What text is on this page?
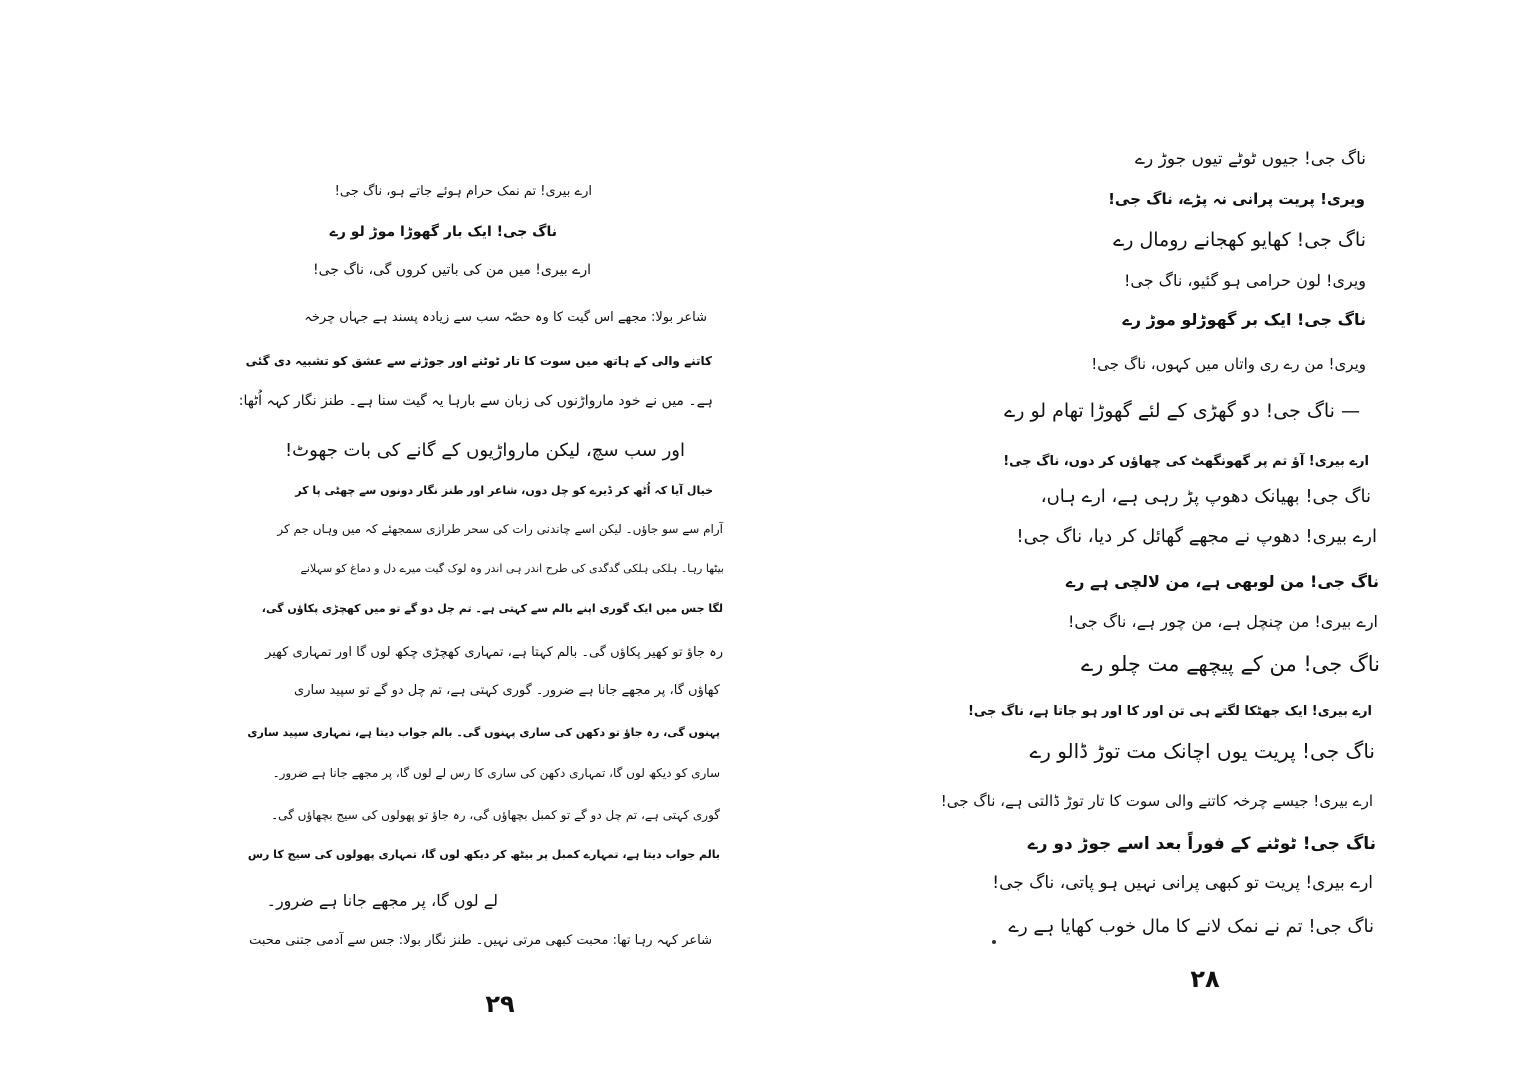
ارے بیری! تم نمک حرام ہوئے جاتے ہو، ناگ جی!
ناگ جی! ایک بار گھوڑا موڑ لو رے
ارے بیری! میں من کی باتیں کروں گی، ناگ جی!
شاعر بولا: مجھے اس گیت کا وہ حصّہ سب سے زیادہ پسند ہے جہاں چرخہ
کاتنے والی کے ہاتھ میں سوت کا تار ٹوٹنے اور جوڑنے سے عشق کو تشبیہ دی گئی
ہے۔ میں نے خود مارواڑنوں کی زبان سے بارہا یہ گیت سنا ہے۔ طنز نگار کہہ اُٹھا:
اور سب سچ، لیکن مارواڑیوں کے گانے کی بات جھوٹ!
خیال آیا کہ اُٹھ کر ڈیرے کو چل دوں، شاعر اور طنز نگار دونوں سے چھٹی پا کر
آرام سے سو جاؤں۔ لیکن اسے چاندنی رات کی سحر طرازی سمجھئے کہ میں وہاں جم کر
بیٹھا رہا۔ ہلکی ہلکی گدگدی کی طرح اندر ہی اندر وہ لوک گیت میرے دل و دماغ کو سہلانے
لگا جس میں ایک گوری اپنے بالم سے کہتی ہے۔ تم چل دو گے تو میں کھچڑی پکاؤں گی،
رہ جاؤ تو کھیر پکاؤں گی۔ بالم کہتا ہے، تمہاری کھچڑی چکھ لوں گا اور تمہاری کھیر
کھاؤں گا، پر مجھے جانا ہے ضرور۔ گوری کہتی ہے، تم چل دو گے تو سپید ساری
پہنوں گی، رہ جاؤ تو دکھن کی ساری پہنوں گی۔ بالم جواب دیتا ہے، تمہاری سپید ساری
ساری کو دیکھ لوں گا، تمہاری دکھن کی ساری کا رس لے لوں گا، پر مجھے جانا ہے ضرور۔
گوری کہتی ہے، تم چل دو گے تو کمبل بچھاؤں گی، رہ جاؤ تو پھولوں کی سیج بچھاؤں گی۔
بالم جواب دیتا ہے، تمہارے کمبل پر بیٹھ کر دیکھ لوں گا، تمہاری پھولوں کی سیج کا رس
لے لوں گا، پر مجھے جانا ہے ضرور۔
شاعر کہہ رہا تھا: محبت کبھی مرتی نہیں۔ طنز نگار بولا: جس سے آدمی جتنی محبت
۲۹
ناگ جی! جیوں ٹوٹے تیوں جوڑ رے
ویری! پریت پرانی نہ پڑے، ناگ جی!
ناگ جی! کھایو کھجانے رومال رے
ویری! لون حرامی ہو گئیو، ناگ جی!
ناگ جی! ایک بر گھوڑلو موڑ رے
ویری! من رے ری واتاں میں کہوں، ناگ جی!
— ناگ جی! دو گھڑی کے لئے گھوڑا تھام لو رے
ارے بیری! آؤ تم پر گھونگھٹ کی چھاؤں کر دوں، ناگ جی!
ناگ جی! بھیانک دھوپ پڑ رہی ہے، ارے ہاں،
ارے بیری! دھوپ نے مجھے گھائل کر دیا، ناگ جی!
ناگ جی! من لوبھی ہے، من لالچی ہے رے
ارے بیری! من چنچل ہے، من چور ہے، ناگ جی!
ناگ جی! من کے پیچھے مت چلو رے
ارے بیری! ایک جھٹکا لگتے ہی تن اور کا اور ہو جاتا ہے، ناگ جی!
ناگ جی! پریت یوں اچانک مت توڑ ڈالو رے
ارے بیری! جیسے چرخہ کاتنے والی سوت کا تار توڑ ڈالتی ہے، ناگ جی!
ناگ جی! ٹوٹنے کے فوراً بعد اسے جوڑ دو رے
ارے بیری! پریت تو کبھی پرانی نہیں ہو پاتی، ناگ جی!
ناگ جی! تم نے نمک لانے کا مال خوب کھایا ہے رے
۲۸
